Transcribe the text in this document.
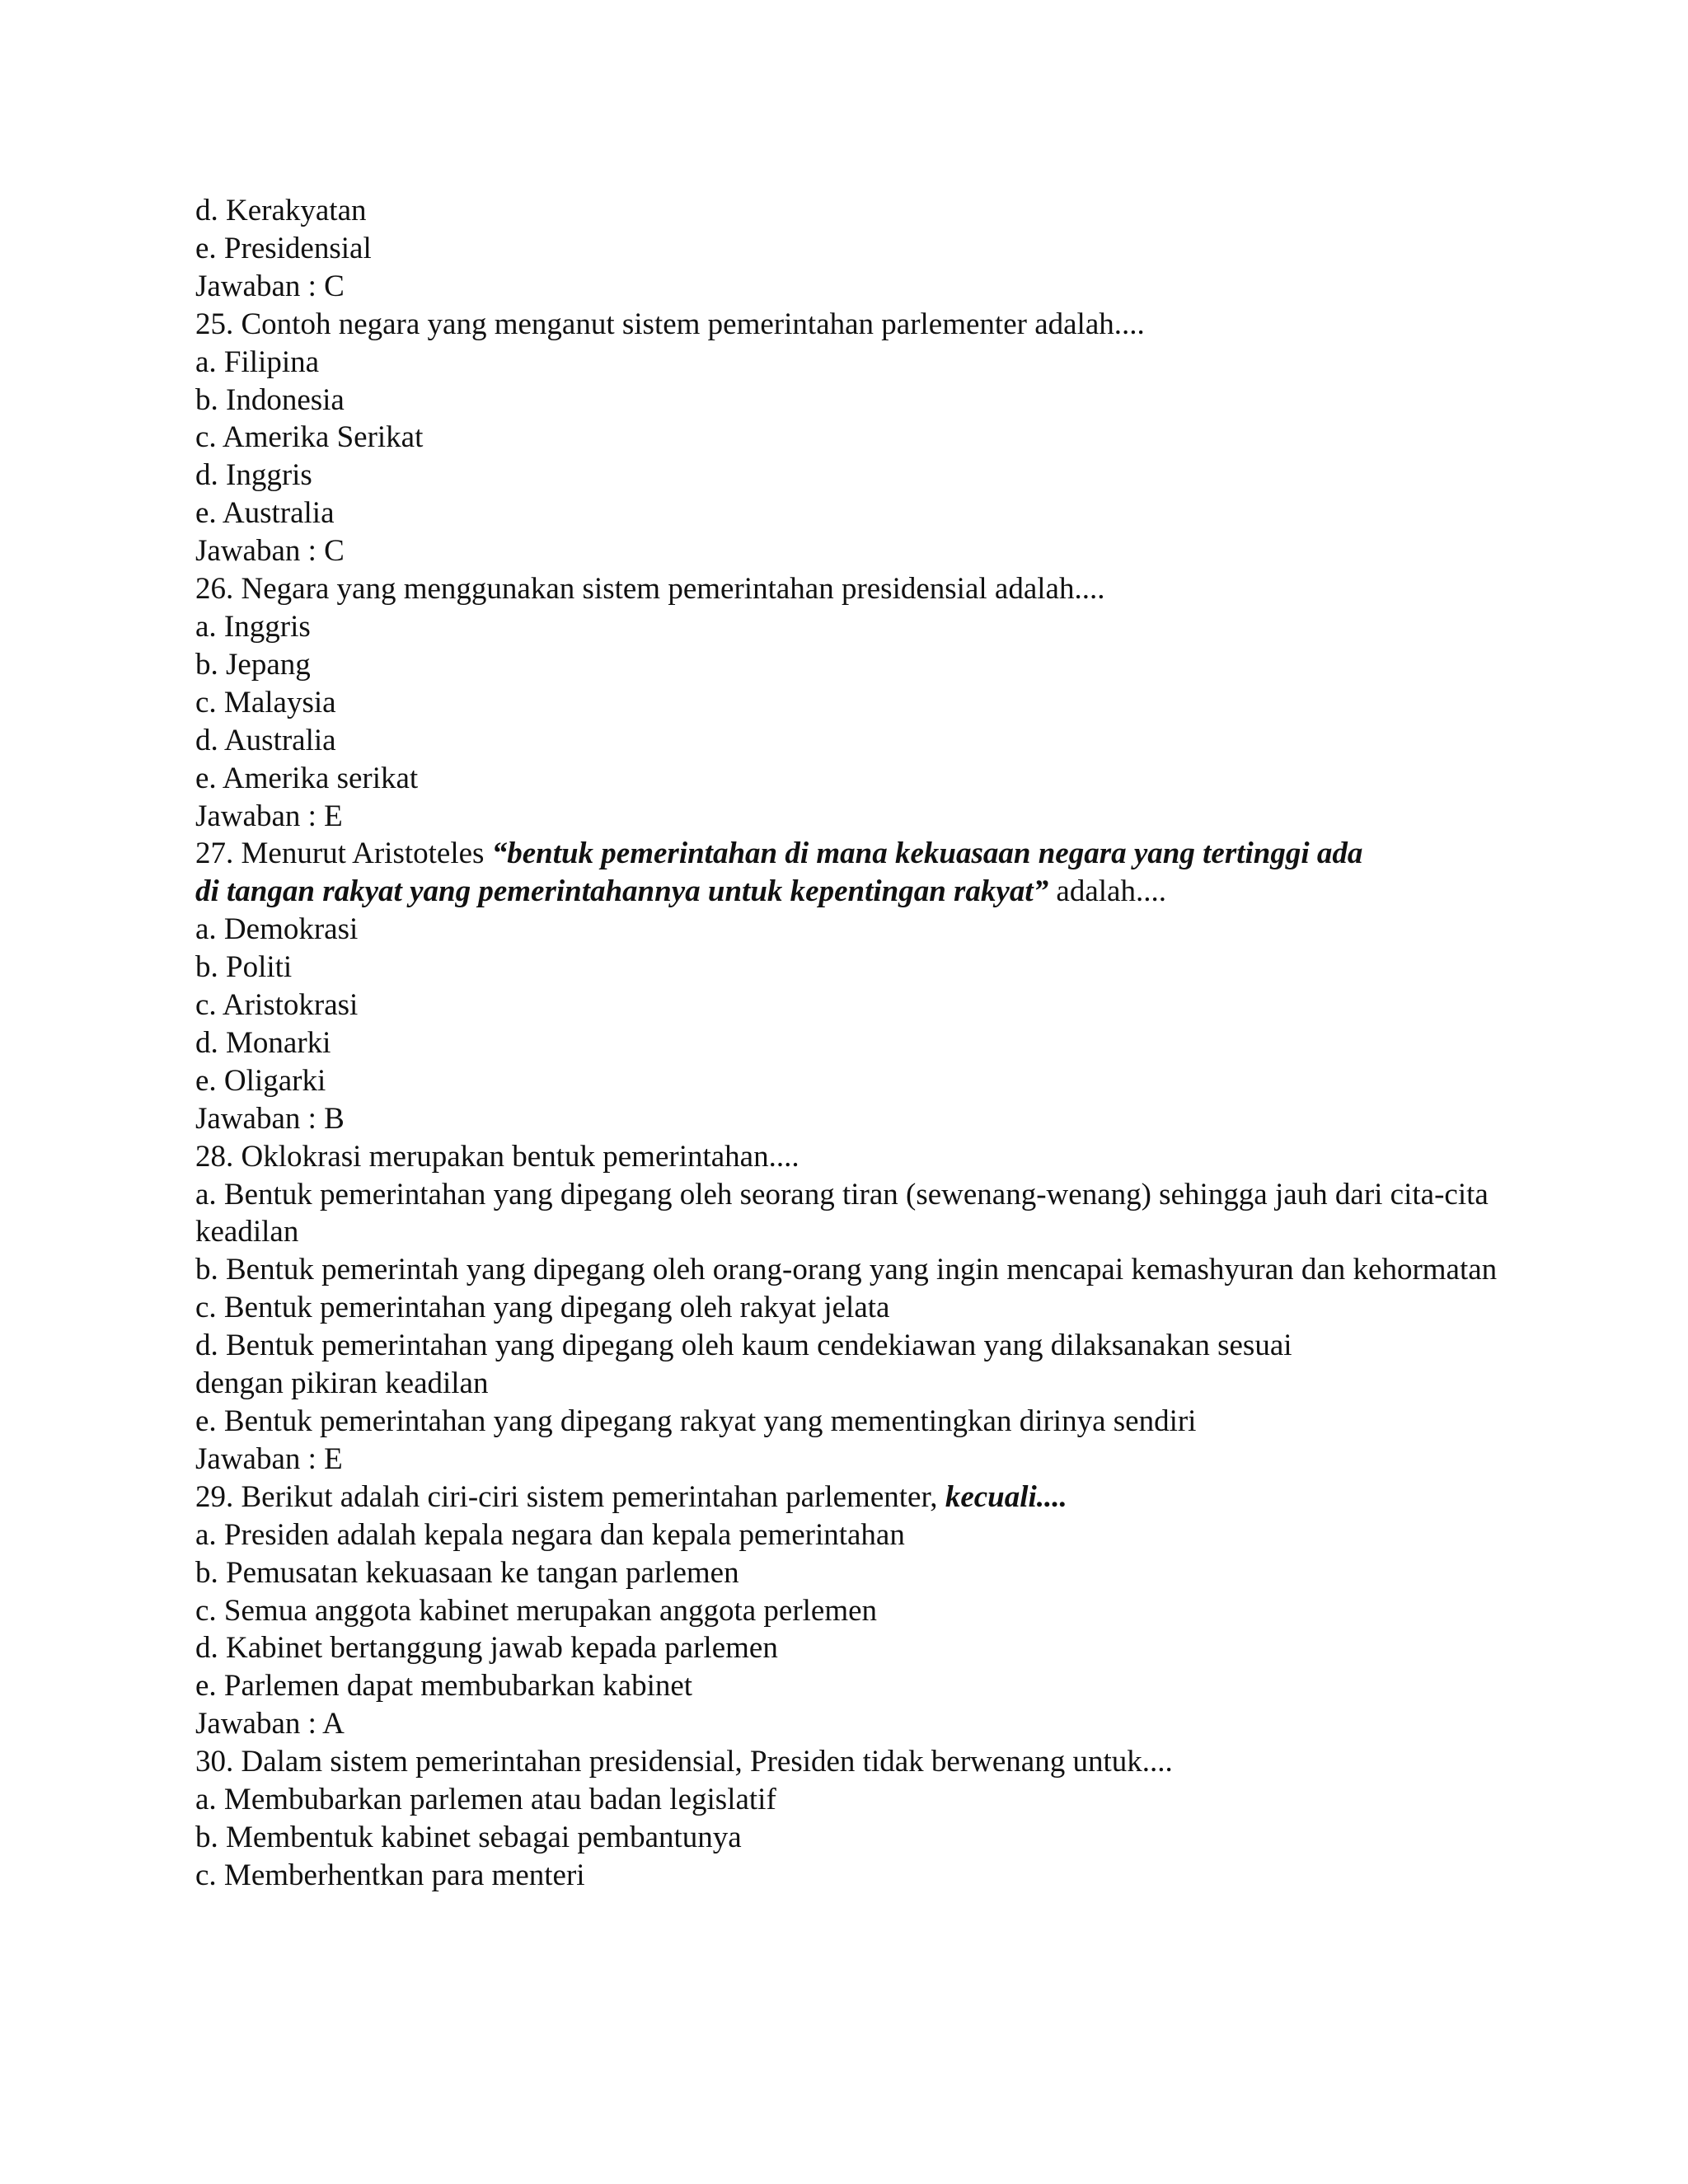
d. Kerakyatan
e. Presidensial
Jawaban : C
25. Contoh negara yang menganut sistem pemerintahan parlementer adalah....
a. Filipina
b. Indonesia
c. Amerika Serikat
d. Inggris
e. Australia
Jawaban : C
26. Negara yang menggunakan sistem pemerintahan presidensial adalah....
a. Inggris
b. Jepang
c. Malaysia
d. Australia
e. Amerika serikat
Jawaban : E
27. Menurut Aristoteles “bentuk pemerintahan di mana kekuasaan negara yang tertinggi ada
di tangan rakyat yang pemerintahannya untuk kepentingan rakyat” adalah....
a. Demokrasi
b. Politi
c. Aristokrasi
d. Monarki
e. Oligarki
Jawaban : B
28. Oklokrasi merupakan bentuk pemerintahan....
a. Bentuk pemerintahan yang dipegang oleh seorang tiran (sewenang-wenang) sehingga jauh dari cita-cita keadilan
b. Bentuk pemerintah yang dipegang oleh orang-orang yang ingin mencapai kemashyuran dan kehormatan
c. Bentuk pemerintahan yang dipegang oleh rakyat jelata
d. Bentuk pemerintahan yang dipegang oleh kaum cendekiawan yang dilaksanakan sesuai dengan pikiran keadilan
e. Bentuk pemerintahan yang dipegang rakyat yang mementingkan dirinya sendiri
Jawaban : E
29. Berikut adalah ciri-ciri sistem pemerintahan parlementer, kecuali....
a. Presiden adalah kepala negara dan kepala pemerintahan
b. Pemusatan kekuasaan ke tangan parlemen
c. Semua anggota kabinet merupakan anggota perlemen
d. Kabinet bertanggung jawab kepada parlemen
e. Parlemen dapat membubarkan kabinet
Jawaban : A
30. Dalam sistem pemerintahan presidensial, Presiden tidak berwenang untuk....
a. Membubarkan parlemen atau badan legislatif
b. Membentuk kabinet sebagai pembantunya
c. Memberhentkan para menteri
